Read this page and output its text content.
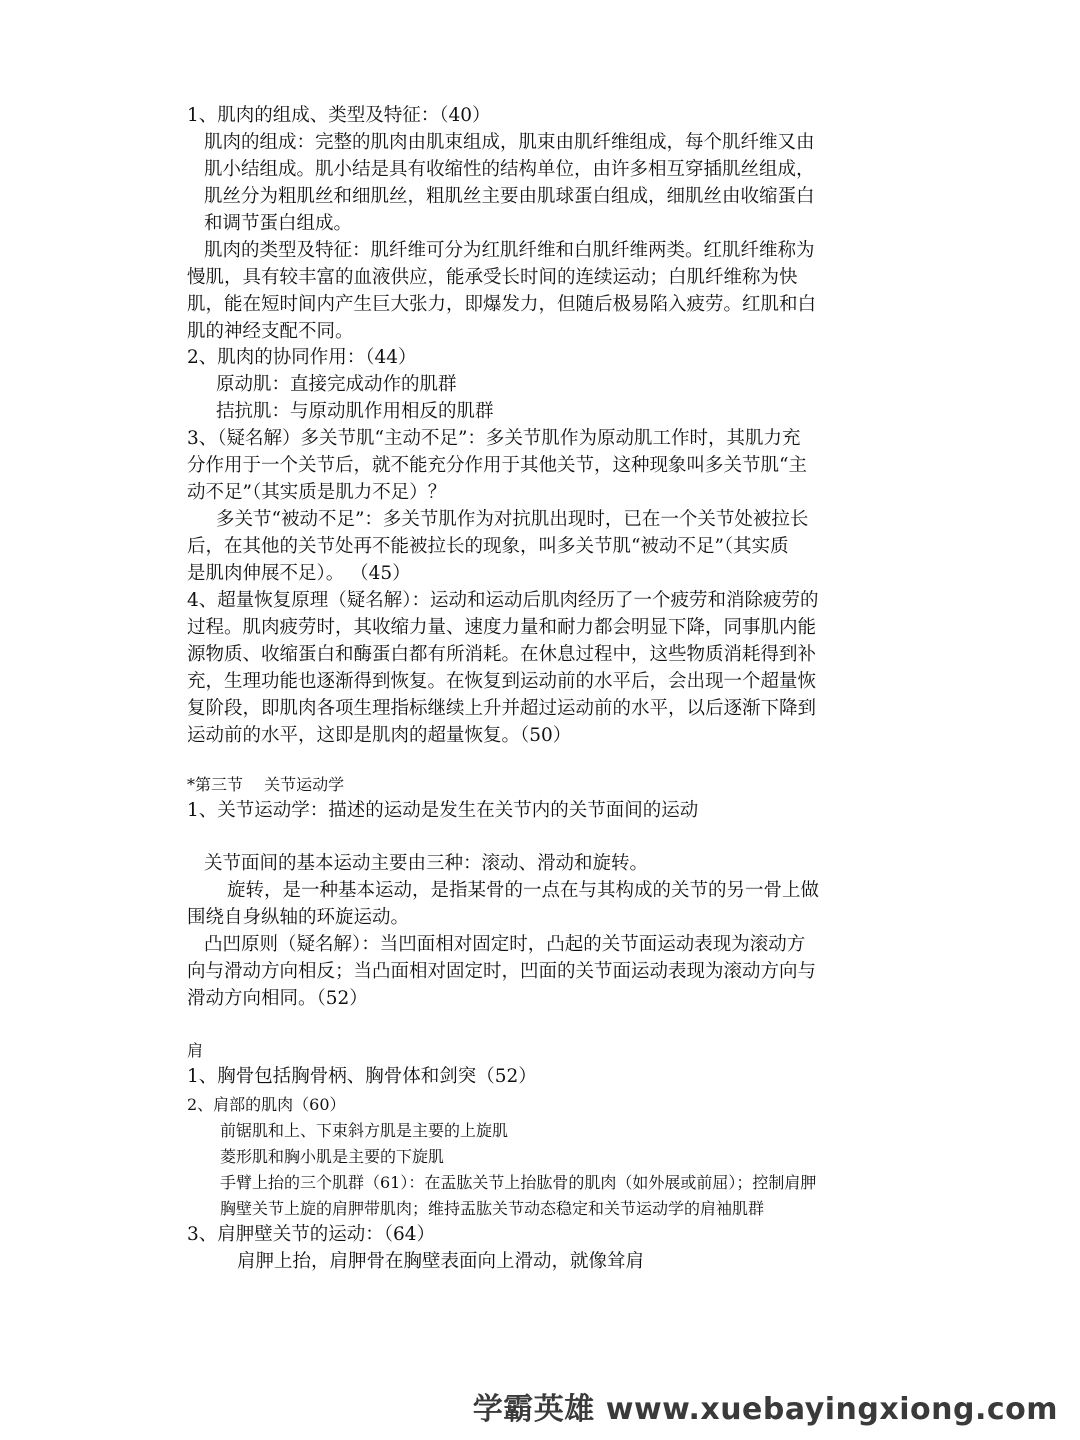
1、肌肉的组成、类型及特征：（40）
肌肉的组成：完整的肌肉由肌束组成，肌束由肌纤维组成，每个肌纤维又由
肌小结组成。肌小结是具有收缩性的结构单位，由许多相互穿插肌丝组成，
肌丝分为粗肌丝和细肌丝，粗肌丝主要由肌球蛋白组成，细肌丝由收缩蛋白
和调节蛋白组成。
肌肉的类型及特征：肌纤维可分为红肌纤维和白肌纤维两类。红肌纤维称为
慢肌，具有较丰富的血液供应，能承受长时间的连续运动；白肌纤维称为快
肌，能在短时间内产生巨大张力，即爆发力，但随后极易陷入疲劳。红肌和白
肌的神经支配不同。
2、肌肉的协同作用：（44）
原动肌：直接完成动作的肌群
拮抗肌：与原动肌作用相反的肌群
3、（疑名解）多关节肌“主动不足”：多关节肌作为原动肌工作时，其肌力充
分作用于一个关节后，就不能充分作用于其他关节，这种现象叫多关节肌“主
动不足”（其实质是肌力不足）？
多关节“被动不足”：多关节肌作为对抗肌出现时，已在一个关节处被拉长
后，在其他的关节处再不能被拉长的现象，叫多关节肌“被动不足”（其实质
是肌肉伸展不足）。 （45）
4、超量恢复原理（疑名解）：运动和运动后肌肉经历了一个疲劳和消除疲劳的
过程。肌肉疲劳时，其收缩力量、速度力量和耐力都会明显下降，同事肌内能
源物质、收缩蛋白和酶蛋白都有所消耗。在休息过程中，这些物质消耗得到补
充，生理功能也逐渐得到恢复。在恢复到运动前的水平后，会出现一个超量恢
复阶段，即肌肉各项生理指标继续上升并超过运动前的水平，以后逐渐下降到
运动前的水平，这即是肌肉的超量恢复。（50）
*第三节　 关节运动学
1、关节运动学：描述的运动是发生在关节内的关节面间的运动
关节面间的基本运动主要由三种：滚动、滑动和旋转。
旋转，是一种基本运动，是指某骨的一点在与其构成的关节的另一骨上做
围绕自身纵轴的环旋运动。
凸凹原则（疑名解）：当凹面相对固定时，凸起的关节面运动表现为滚动方
向与滑动方向相反；当凸面相对固定时，凹面的关节面运动表现为滚动方向与
滑动方向相同。（52）
肩
1、胸骨包括胸骨柄、胸骨体和剑突（52）
2、肩部的肌肉（60）
前锯肌和上、下束斜方肌是主要的上旋肌
菱形肌和胸小肌是主要的下旋肌
手臂上抬的三个肌群（61）：在盂肱关节上抬肱骨的肌肉（如外展或前屈）；控制肩胛
胸壁关节上旋的肩胛带肌肉；维持盂肱关节动态稳定和关节运动学的肩袖肌群
3、肩胛壁关节的运动：（64）
肩胛上抬，肩胛骨在胸壁表面向上滑动，就像耸肩
学霸英雄 www.xuebayingxiong.com
